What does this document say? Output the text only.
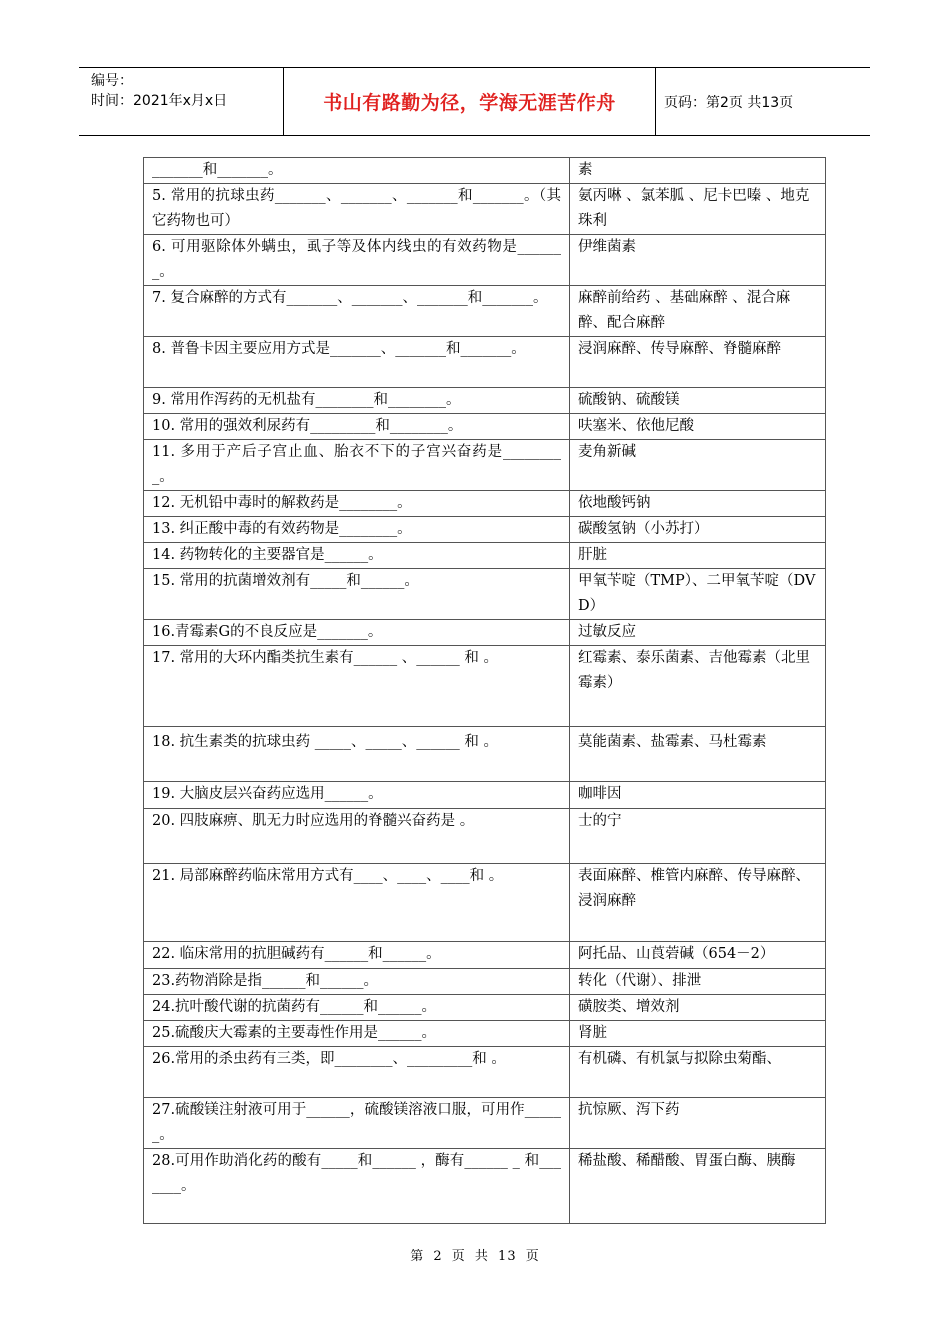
编号：
时间：2021年x月x日	书山有路勤为径，学海无涯苦作舟	页码：第2页 共13页
_______和_______。	素
5. 常用的抗球虫药_______、_______、_______和_______。（其它药物也可）	氨丙啉 、氯苯胍 、尼卡巴嗪 、地克珠利
6. 可用驱除体外螨虫，虱子等及体内线虫的有效药物是_______。	伊维菌素
7. 复合麻醉的方式有_______、_______、_______和_______。	麻醉前给药 、基础麻醉 、混合麻醉、配合麻醉
8. 普鲁卡因主要应用方式是_______、_______和_______。	浸润麻醉、传导麻醉、脊髓麻醉
9. 常用作泻药的无机盐有________和________。	硫酸钠、硫酸镁
10. 常用的强效利尿药有_________和________。	呋塞米、依他尼酸
11. 多用于产后子宫止血、胎衣不下的子宫兴奋药是_________。	麦角新碱
12. 无机铅中毒时的解救药是________。	依地酸钙钠
13. 纠正酸中毒的有效药物是________。	碳酸氢钠（小苏打）
14. 药物转化的主要器官是______。	肝脏
15. 常用的抗菌增效剂有_____和______。	甲氧苄啶（TMP）、二甲氧苄啶（DVD）
16.青霉素G的不良反应是_______。	过敏反应
17. 常用的大环内酯类抗生素有______ 、______ 和 。	红霉素、泰乐菌素、吉他霉素（北里霉素）
18. 抗生素类的抗球虫药 _____、_____、______ 和 。	莫能菌素、盐霉素、马杜霉素
19. 大脑皮层兴奋药应选用______。	咖啡因
20. 四肢麻痹、肌无力时应选用的脊髓兴奋药是 。	士的宁
21. 局部麻醉药临床常用方式有____、____、____和 。	表面麻醉、椎管内麻醉、传导麻醉、浸润麻醉
22. 临床常用的抗胆碱药有______和______。	阿托品、山莨菪碱（654－2）
23.药物消除是指______和______。	转化（代谢）、排泄
24.抗叶酸代谢的抗菌药有______和______。	磺胺类、增效剂
25.硫酸庆大霉素的主要毒性作用是______。	肾脏
26.常用的杀虫药有三类，即________、_________和 。	有机磷、有机氯与拟除虫菊酯、
27.硫酸镁注射液可用于______，硫酸镁溶液口服，可用作______。	抗惊厥、泻下药
28.可用作助消化药的酸有_____和______ ，酶有______ _ 和_______。	稀盐酸、稀醋酸、胃蛋白酶、胰酶
第 2 页 共 13 页
